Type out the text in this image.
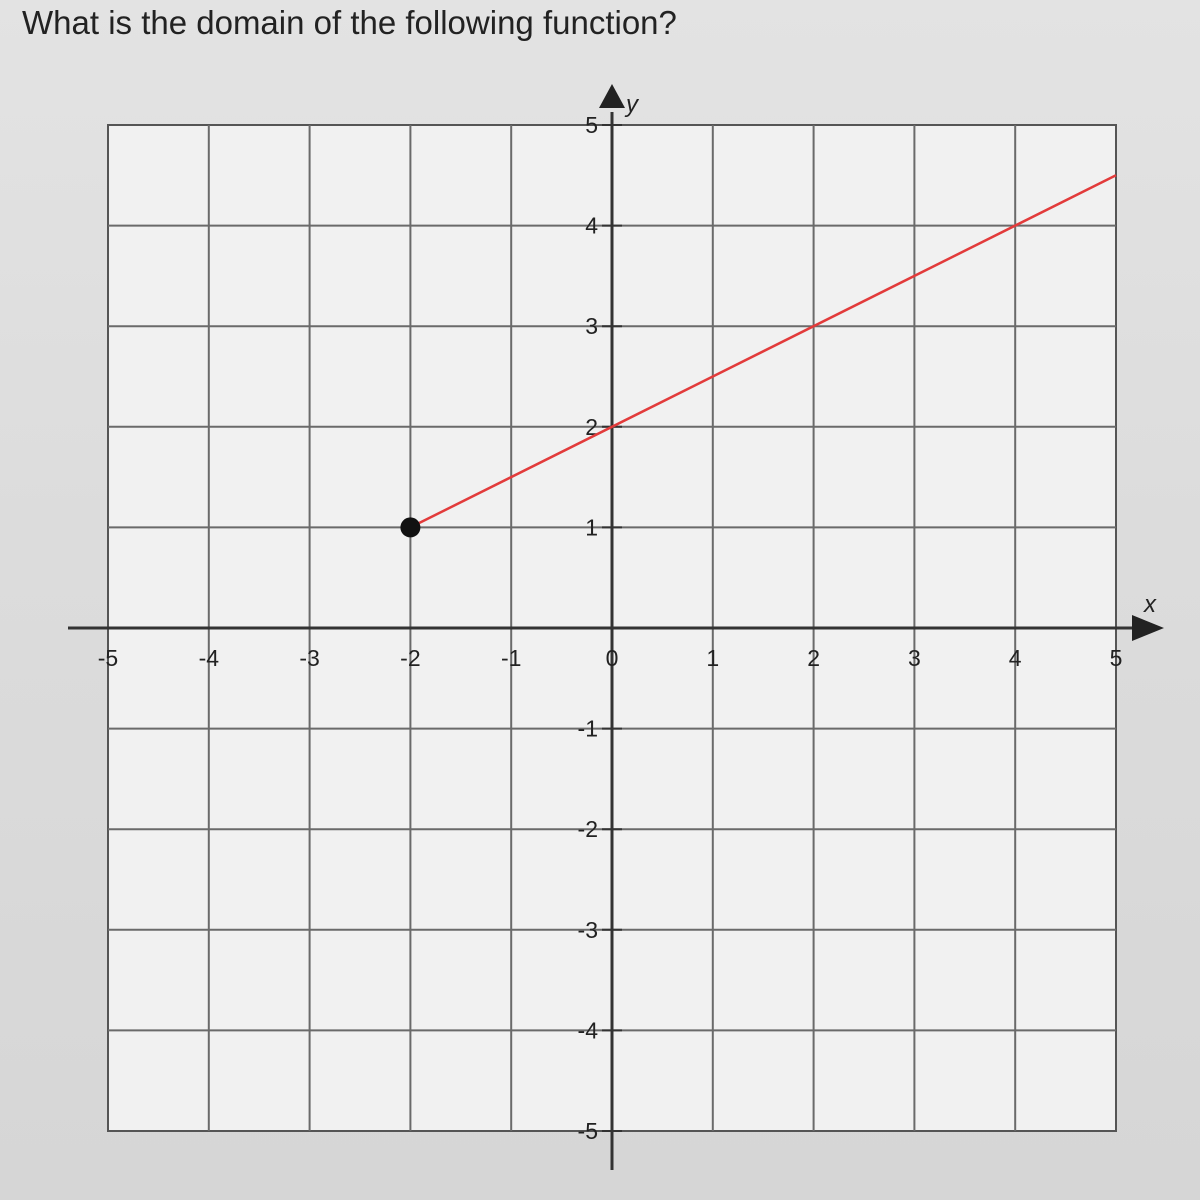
What is the domain of the following function?
-5	-4	-3	-2	-1	0	1	2	3	4	5
5
4
3
2
1
-1
-2
-3
-4
-5
x
y
